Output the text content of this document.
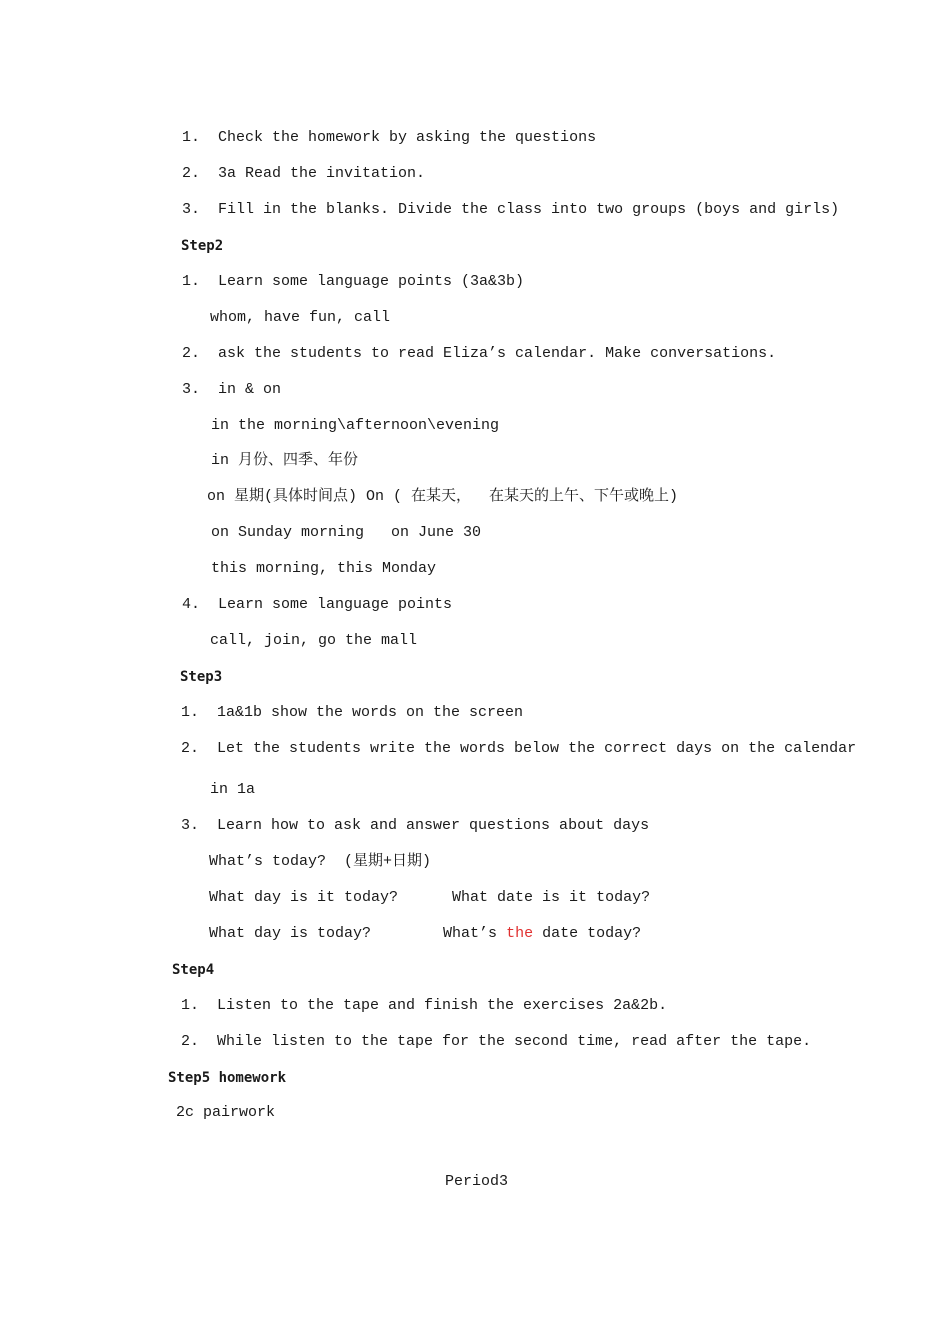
1.  Check the homework by asking the questions
2.  3a Read the invitation.
3.  Fill in the blanks. Divide the class into two groups (boys and girls)
Step2
1.  Learn some language points (3a&3b)
whom, have fun, call
2.  ask the students to read Eliza’s calendar. Make conversations.
3.  in & on
in the morning\afternoon\evening
in 月份、四季、年份
on 星期(具体时间点) On ( 在某天，  在某天的上午、下午或晚上)
on Sunday morning   on June 30
this morning, this Monday
4.  Learn some language points
call, join, go the mall
Step3
1.  1a&1b show the words on the screen
2.  Let the students write the words below the correct days on the calendar
in 1a
3.  Learn how to ask and answer questions about days
What’s today?  (星期+日期)
What day is it today?      What date is it today?
What day is today?        What’s the date today?
Step4
1.  Listen to the tape and finish the exercises 2a&2b.
2.  While listen to the tape for the second time, read after the tape.
Step5 homework
2c pairwork
Period3
